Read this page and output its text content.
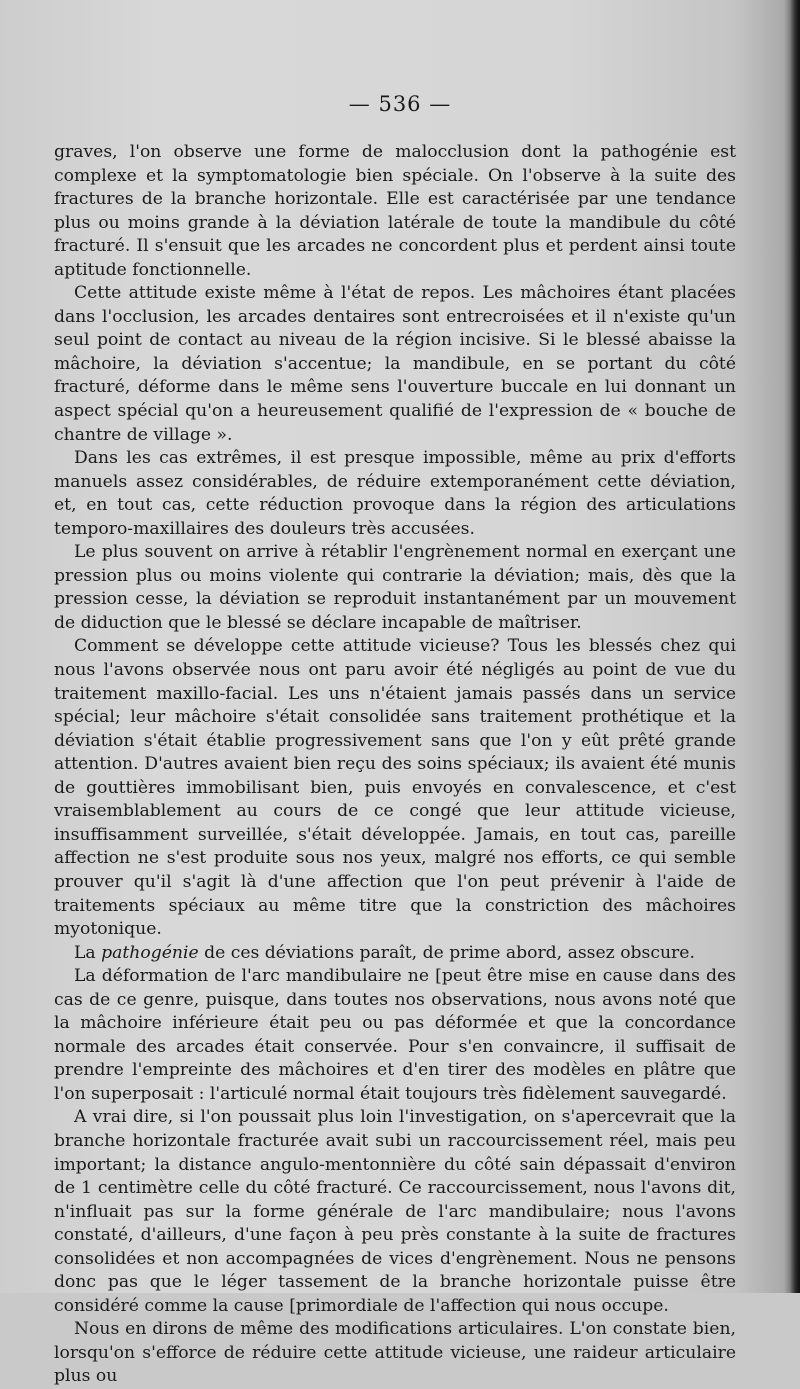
— 536 —

graves, l'on observe une forme de malocclusion dont la pathogénie est complexe et la symptomatologie bien spéciale. On l'observe à la suite des fractures de la branche horizontale. Elle est caractérisée par une tendance plus ou moins grande à la déviation latérale de toute la mandibule du côté fracturé. Il s'ensuit que les arcades ne concordent plus et perdent ainsi toute aptitude fonctionnelle.

Cette attitude existe même à l'état de repos. Les mâchoires étant placées dans l'occlusion, les arcades dentaires sont entrecroisées et il n'existe qu'un seul point de contact au niveau de la région incisive. Si le blessé abaisse la mâchoire, la déviation s'accentue; la mandibule, en se portant du côté fracturé, déforme dans le même sens l'ouverture buccale en lui donnant un aspect spécial qu'on a heureusement qualifié de l'expression de « bouche de chantre de village ».

Dans les cas extrêmes, il est presque impossible, même au prix d'efforts manuels assez considérables, de réduire extemporanément cette déviation, et, en tout cas, cette réduction provoque dans la région des articulations temporo-maxillaires des douleurs très accusées.

Le plus souvent on arrive à rétablir l'engrènement normal en exerçant une pression plus ou moins violente qui contrarie la déviation; mais, dès que la pression cesse, la déviation se reproduit instantanément par un mouvement de diduction que le blessé se déclare incapable de maîtriser.

Comment se développe cette attitude vicieuse? Tous les blessés chez qui nous l'avons observée nous ont paru avoir été négligés au point de vue du traitement maxillo-facial. Les uns n'étaient jamais passés dans un service spécial; leur mâchoire s'était consolidée sans traitement prothétique et la déviation s'était établie progressivement sans que l'on y eût prêté grande attention. D'autres avaient bien reçu des soins spéciaux; ils avaient été munis de gouttières immobilisant bien, puis envoyés en convalescence, et c'est vraisemblablement au cours de ce congé que leur attitude vicieuse, insuffisamment surveillée, s'était développée. Jamais, en tout cas, pareille affection ne s'est produite sous nos yeux, malgré nos efforts, ce qui semble prouver qu'il s'agit là d'une affection que l'on peut prévenir à l'aide de traitements spéciaux au même titre que la constriction des mâchoires myotonique.

La pathogénie de ces déviations paraît, de prime abord, assez obscure.

La déformation de l'arc mandibulaire ne [peut être mise en cause dans des cas de ce genre, puisque, dans toutes nos observations, nous avons noté que la mâchoire inférieure était peu ou pas déformée et que la concordance normale des arcades était conservée. Pour s'en convaincre, il suffisait de prendre l'empreinte des mâchoires et d'en tirer des modèles en plâtre que l'on superposait : l'articulé normal était toujours très fidèlement sauvegardé.

A vrai dire, si l'on poussait plus loin l'investigation, on s'apercevrait que la branche horizontale fracturée avait subi un raccourcissement réel, mais peu important; la distance angulo-mentonnière du côté sain dépassait d'environ de 1 centimètre celle du côté fracturé. Ce raccourcissement, nous l'avons dit, n'influait pas sur la forme générale de l'arc mandibulaire; nous l'avons constaté, d'ailleurs, d'une façon à peu près constante à la suite de fractures consolidées et non accompagnées de vices d'engrènement. Nous ne pensons donc pas que le léger tassement de la branche horizontale puisse être considéré comme la cause [primordiale de l'affection qui nous occupe.

Nous en dirons de même des modifications articulaires. L'on constate bien, lorsqu'on s'efforce de réduire cette attitude vicieuse, une raideur articulaire plus ou
